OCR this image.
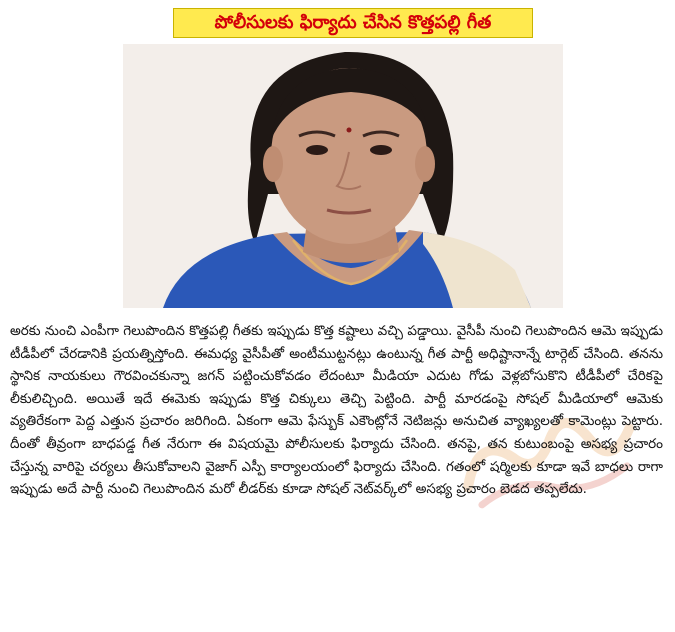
పోలీసులకు ఫిర్యాదు చేసిన కొత్తపల్లి గీత

అరకు నుంచి ఎంపీగా గెలుపొందిన కొత్తపల్లి గీతకు ఇప్పుడు కొత్త కష్టాలు వచ్చి పడ్డాయి. వైసీపీ నుంచి గెలుపొందిన ఆమె ఇప్పుడు టీడీపీలో చేరడానికి ప్రయత్నిస్తోంది. ఈమధ్య వైసీపీతో అంటీముట్టనట్లు ఉంటున్న గీత పార్టీ అధిష్టానాన్నే టార్గెట్ చేసింది. తనను స్థానిక నాయకులు గౌరవించకున్నా జగన్ పట్టించుకోవడం లేదంటూ మీడియా ఎదుట గోడు వెళ్లబోసుకొని టీడీపీలో చేరికపై లీకులిచ్చింది. అయితే ఇదే ఈమెకు ఇప్పుడు కొత్త చిక్కులు తెచ్చి పెట్టింది. పార్టీ మారడంపై సోషల్ మీడియాలో ఆమెకు వ్యతిరేకంగా పెద్ద ఎత్తున ప్రచారం జరిగింది. ఏకంగా ఆమె ఫేస్బుక్ ఎకౌంట్లోనే నెటిజన్లు అనుచిత వ్యాఖ్యలతో కామెంట్లు పెట్టారు. దీంతో తీవ్రంగా బాధపడ్డ గీత నేరుగా ఈ విషయమై పోలీసులకు ఫిర్యాదు చేసింది. తనపై, తన కుటుంబంపై అసభ్య ప్రచారం చేస్తున్న వారిపై చర్యలు తీసుకోవాలని వైజాగ్ ఎస్పీ కార్యాలయంలో ఫిర్యాదు చేసింది. గతంలో షర్మిలకు కూడా ఇవే బాధలు రాగా ఇప్పుడు అదే పార్టీ నుంచి గెలుపొందిన మరో లీడర్‌కు కూడా సోషల్ నెట్‌వర్క్‌లో అసభ్య ప్రచారం బెడద తప్పలేదు.
